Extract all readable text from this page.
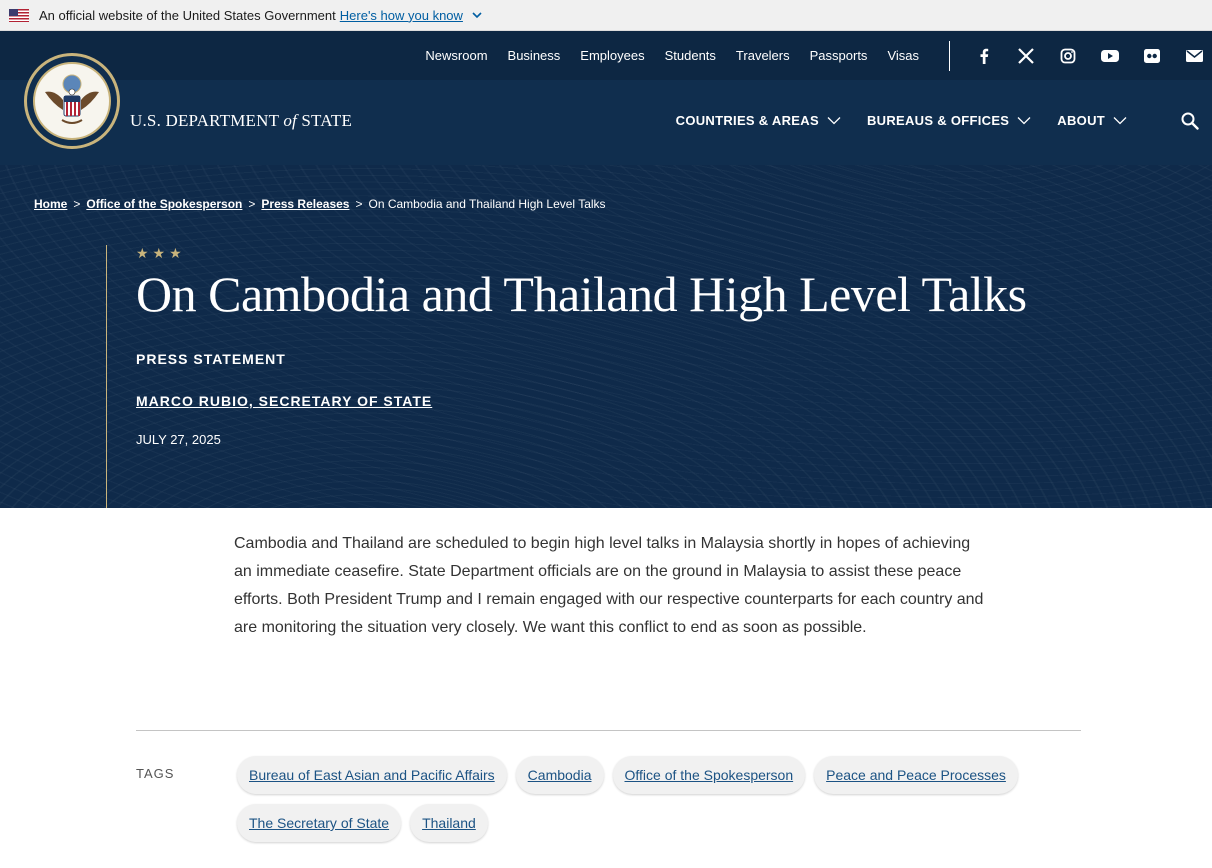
An official website of the United States Government Here's how you know
Newsroom Business Employees Students Travelers Passports Visas
U.S. DEPARTMENT of STATE	COUNTRIES & AREAS	BUREAUS & OFFICES	ABOUT
Home > Office of the Spokesperson > Press Releases > On Cambodia and Thailand High Level Talks
★★★
On Cambodia and Thailand High Level Talks
PRESS STATEMENT
MARCO RUBIO, SECRETARY OF STATE
JULY 27, 2025

Cambodia and Thailand are scheduled to begin high level talks in Malaysia shortly in hopes of achieving an immediate ceasefire. State Department officials are on the ground in Malaysia to assist these peace efforts. Both President Trump and I remain engaged with our respective counterparts for each country and are monitoring the situation very closely. We want this conflict to end as soon as possible.

TAGS	Bureau of East Asian and Pacific Affairs	Cambodia	Office of the Spokesperson	Peace and Peace Processes
The Secretary of State	Thailand
